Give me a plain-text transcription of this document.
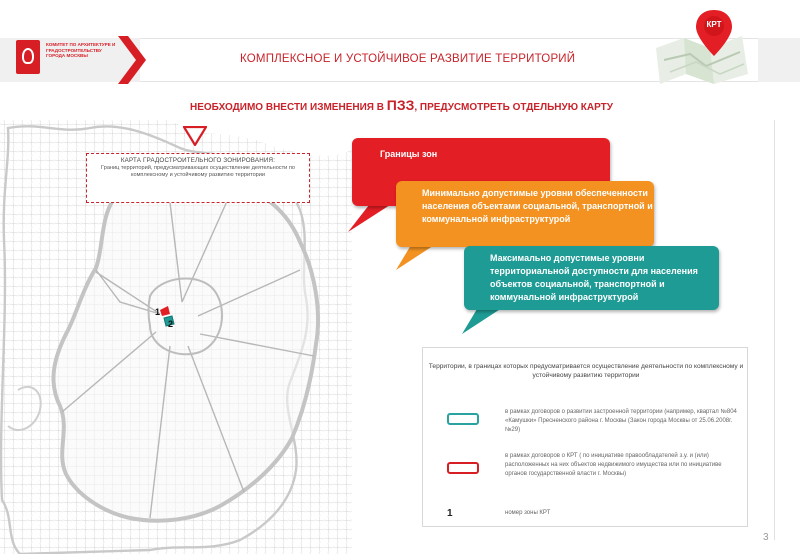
КОМИТЕТ ПО АРХИТЕКТУРЕ И ГРАДОСТРОИТЕЛЬСТВУ ГОРОДА МОСКВЫ	КОМПЛЕКСНОЕ И УСТОЙЧИВОЕ РАЗВИТИЕ ТЕРРИТОРИЙ
КРТ
НЕОБХОДИМО ВНЕСТИ ИЗМЕНЕНИЯ В ПЗЗ, ПРЕДУСМОТРЕТЬ ОТДЕЛЬНУЮ КАРТУ
1
2
КАРТА ГРАДОСТРОИТЕЛЬНОГО ЗОНИРОВАНИЯ:
Границ территорий, предусматривающих осуществление деятельности по комплексному и устойчивому развитию территории
Границы зон
Минимально допустимые уровни обеспеченности населения объектами социальной, транспортной и коммунальной инфраструктурой
Максимально допустимые уровни территориальной доступности для населения объектов социальной, транспортной и коммунальной инфраструктурой
Территории, в границах которых предусматривается осуществление деятельности по комплексному и устойчивому развитию территории
в рамках договоров о развитии застроенной территории (например, квартал №804 «Камушки» Пресненского района г. Москвы (Закон города Москвы от 25.06.2008г. №29)
в рамках договоров о КРТ ( по инициативе правообладателей з.у. и (или) расположенных на них объектов недвижимого имущества или по инициативе органов государственной власти г. Москвы)
1	номер зоны КРТ
3
